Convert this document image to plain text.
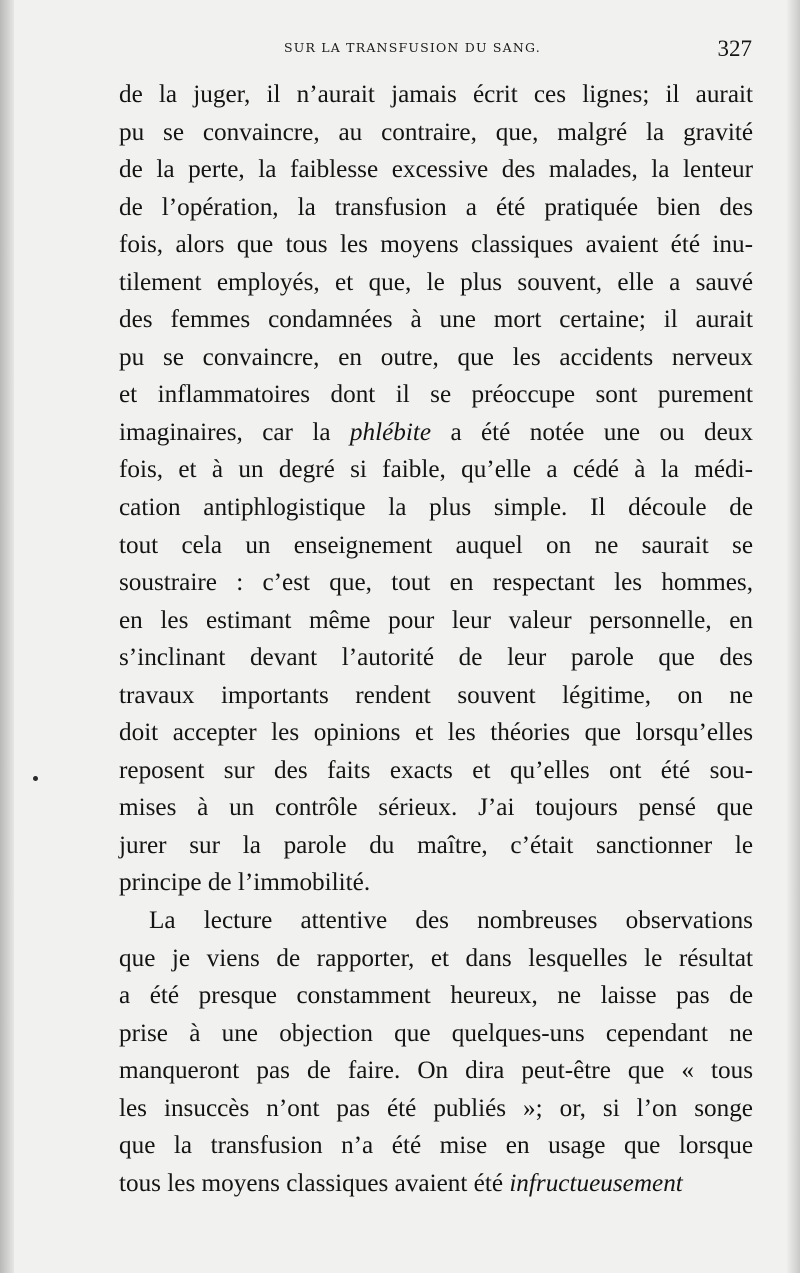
SUR LA TRANSFUSION DU SANG.	327
de la juger, il n’aurait jamais écrit ces lignes; il aurait
pu se convaincre, au contraire, que, malgré la gravité
de la perte, la faiblesse excessive des malades, la lenteur
de l’opération, la transfusion a été pratiquée bien des
fois, alors que tous les moyens classiques avaient été inu-
tilement employés, et que, le plus souvent, elle a sauvé
des femmes condamnées à une mort certaine; il aurait
pu se convaincre, en outre, que les accidents nerveux
et inflammatoires dont il se préoccupe sont purement
imaginaires, car la phlébite a été notée une ou deux
fois, et à un degré si faible, qu’elle a cédé à la médi-
cation antiphlogistique la plus simple. Il découle de
tout cela un enseignement auquel on ne saurait se
soustraire : c’est que, tout en respectant les hommes,
en les estimant même pour leur valeur personnelle, en
s’inclinant devant l’autorité de leur parole que des
travaux importants rendent souvent légitime, on ne
doit accepter les opinions et les théories que lorsqu’elles
reposent sur des faits exacts et qu’elles ont été sou-
mises à un contrôle sérieux. J’ai toujours pensé que
jurer sur la parole du maître, c’était sanctionner le
principe de l’immobilité.
La lecture attentive des nombreuses observations
que je viens de rapporter, et dans lesquelles le résultat
a été presque constamment heureux, ne laisse pas de
prise à une objection que quelques-uns cependant ne
manqueront pas de faire. On dira peut-être que « tous
les insuccès n’ont pas été publiés »; or, si l’on songe
que la transfusion n’a été mise en usage que lorsque
tous les moyens classiques avaient été infructueusement
